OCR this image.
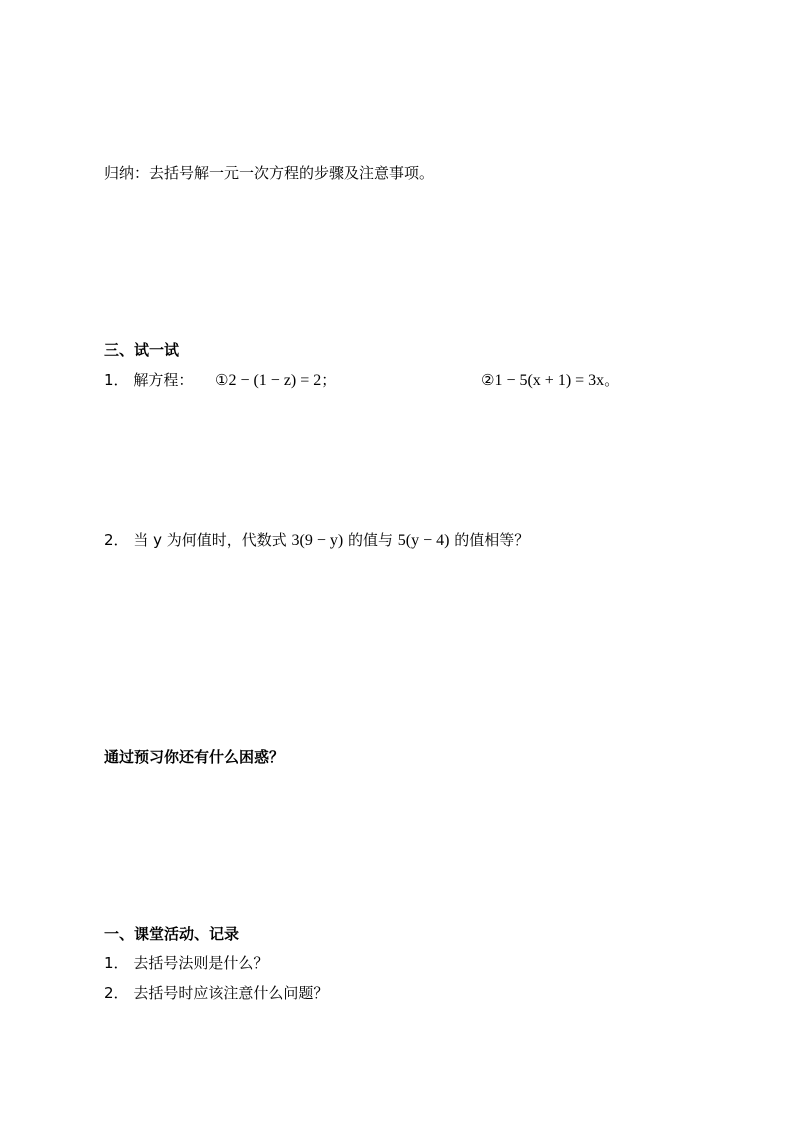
归纳：去括号解一元一次方程的步骤及注意事项。
三、试一试
1． 解方程： ①2 − (1 − z) = 2；	②1 − 5(x + 1) = 3x。
2． 当 y 为何值时，代数式 3(9 − y) 的值与 5(y − 4) 的值相等？
通过预习你还有什么困惑？
一、课堂活动、记录
1． 去括号法则是什么？
2． 去括号时应该注意什么问题？
